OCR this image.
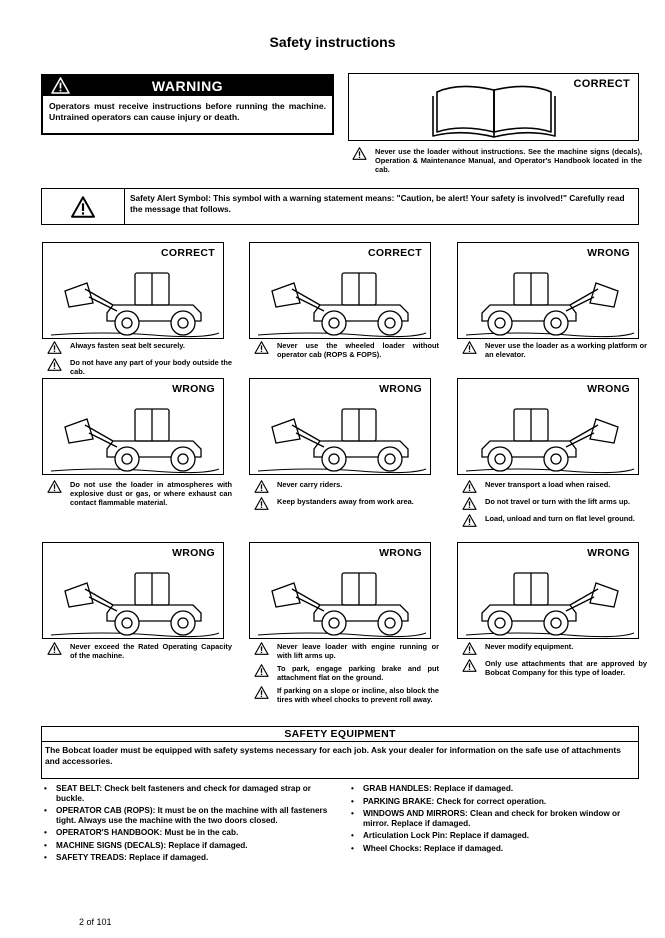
Safety instructions
WARNING
Operators must receive instructions before running the machine. Untrained operators can cause injury or death.
CORRECT
Never use the loader without instructions. See the machine signs (decals), Operation & Maintenance Manual, and Operator's Handbook located in the cab.
Safety Alert Symbol: This symbol with a warning statement means: "Caution, be alert! Your safety is involved!" Carefully read the message that follows.
CORRECT
Always fasten seat belt securely.
Do not have any part of your body outside the cab.
CORRECT
Never use the wheeled loader without operator cab (ROPS & FOPS).
WRONG
Never use the loader as a working platform or an elevator.
WRONG
Do not use the loader in atmospheres with explosive dust or gas, or where exhaust can contact flammable material.
WRONG
Never carry riders.
Keep bystanders away from work area.
WRONG
Never transport a load when raised.
Do not travel or turn with the lift arms up.
Load, unload and turn on flat level ground.
WRONG
Never exceed the Rated Operating Capacity of the machine.
WRONG
Never leave loader with engine running or with lift arms up.
To park, engage parking brake and put attachment flat on the ground.
If parking on a slope or incline, also block the tires with wheel chocks to prevent roll away.
WRONG
Never modify equipment.
Only use attachments that are approved by Bobcat Company for this type of loader.
SAFETY EQUIPMENT
The Bobcat loader must be equipped with safety systems necessary for each job. Ask your dealer for information on the safe use of attachments and accessories.
• SEAT BELT: Check belt fasteners and check for damaged strap or buckle.
• OPERATOR CAB (ROPS): It must be on the machine with all fasteners tight. Always use the machine with the two doors closed.
• OPERATOR'S HANDBOOK: Must be in the cab.
• MACHINE SIGNS (DECALS): Replace if damaged.
• SAFETY TREADS: Replace if damaged.
• GRAB HANDLES: Replace if damaged.
• PARKING BRAKE: Check for correct operation.
• WINDOWS AND MIRRORS: Clean and check for broken window or mirror. Replace if damaged.
• Articulation Lock Pin: Replace if damaged.
• Wheel Chocks: Replace if damaged.
2 of 101
